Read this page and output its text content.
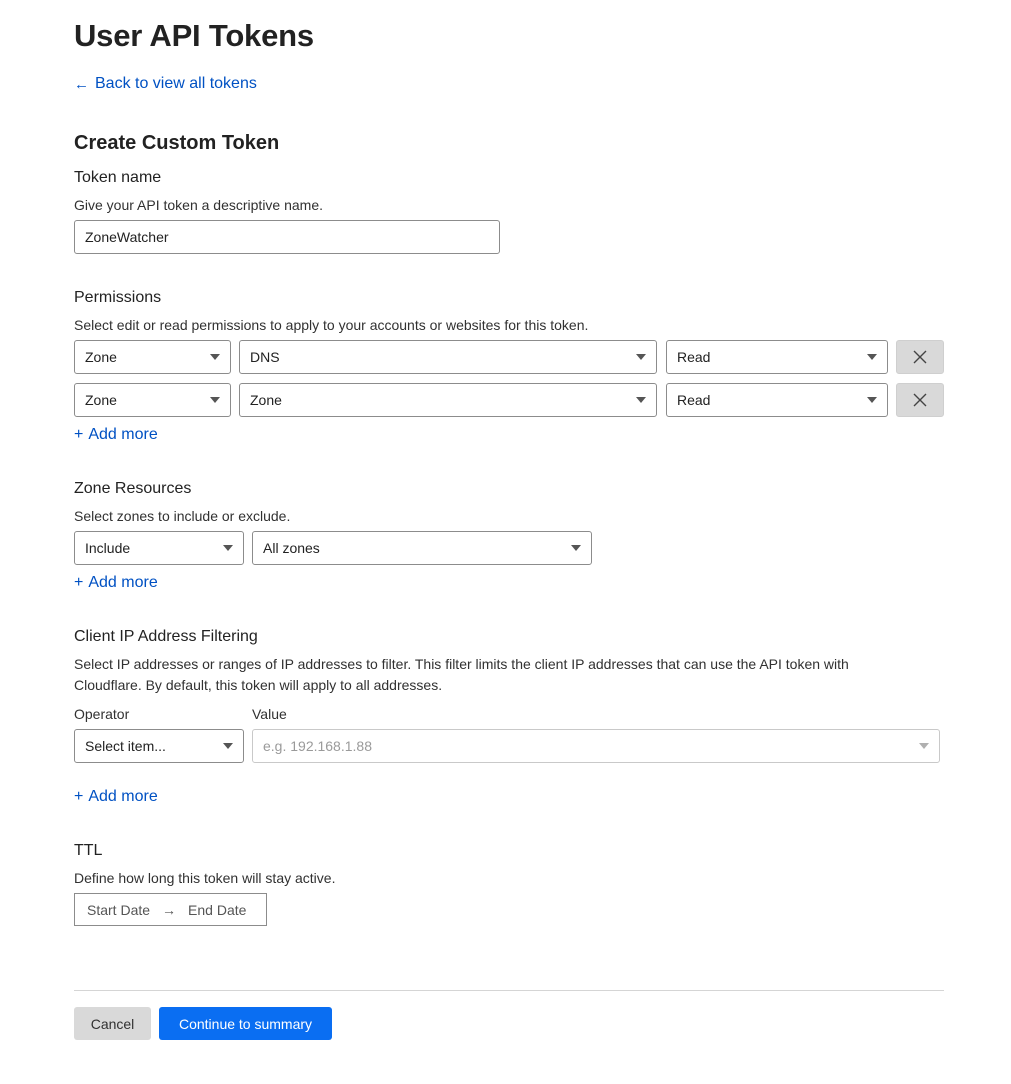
User API Tokens
← Back to view all tokens
Create Custom Token
Token name
Give your API token a descriptive name.
ZoneWatcher
Permissions
Select edit or read permissions to apply to your accounts or websites for this token.
Zone	DNS	Read
Zone	Zone	Read
+ Add more
Zone Resources
Select zones to include or exclude.
Include	All zones
+ Add more
Client IP Address Filtering
Select IP addresses or ranges of IP addresses to filter. This filter limits the client IP addresses that can use the API token with
Cloudflare. By default, this token will apply to all addresses.
Operator	Value
Select item...	e.g. 192.168.1.88
+ Add more
TTL
Define how long this token will stay active.
Start Date → End Date
Cancel	Continue to summary
